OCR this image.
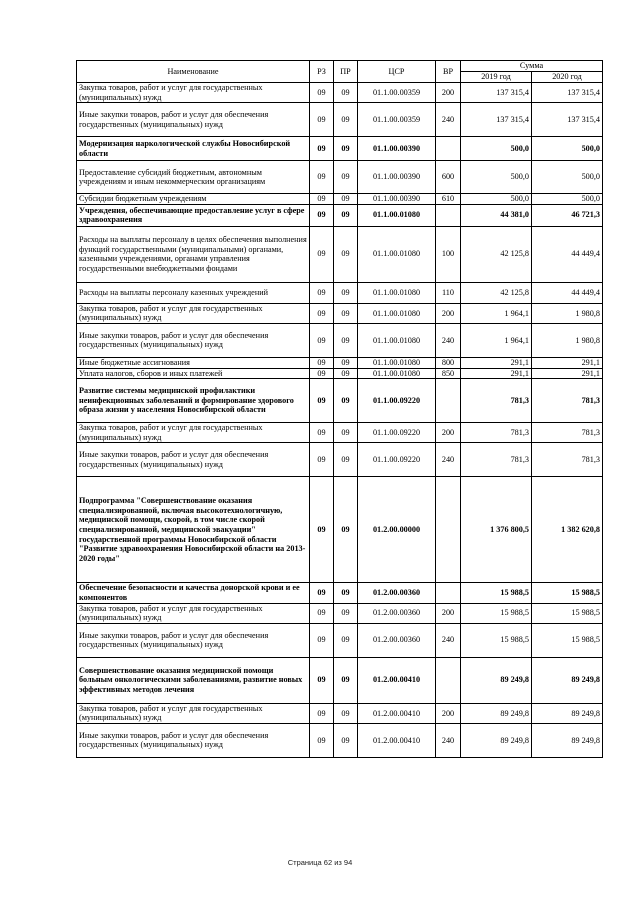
Наименование	РЗ	ПР	ЦСР	ВР	Сумма	
					2019 год	2020 год
Закупка товаров, работ и услуг для государственных (муниципальных) нужд	09	09	01.1.00.00359	200	137 315,4	137 315,4
Иные закупки товаров, работ и услуг для обеспечения государственных (муниципальных) нужд	09	09	01.1.00.00359	240	137 315,4	137 315,4
Модернизация наркологической службы Новосибирской области	09	09	01.1.00.00390		500,0	500,0
Предоставление субсидий бюджетным, автономным учреждениям и иным некоммерческим организациям	09	09	01.1.00.00390	600	500,0	500,0
Субсидии бюджетным учреждениям	09	09	01.1.00.00390	610	500,0	500,0
Учреждения, обеспечивающие предоставление услуг в сфере здравоохранения	09	09	01.1.00.01080		44 381,0	46 721,3
Расходы на выплаты персоналу в целях обеспечения выполнения функций государственными (муниципальными) органами, казенными учреждениями, органами управления государственными внебюджетными фондами	09	09	01.1.00.01080	100	42 125,8	44 449,4
Расходы на выплаты персоналу казенных учреждений	09	09	01.1.00.01080	110	42 125,8	44 449,4
Закупка товаров, работ и услуг для государственных (муниципальных) нужд	09	09	01.1.00.01080	200	1 964,1	1 980,8
Иные закупки товаров, работ и услуг для обеспечения государственных (муниципальных) нужд	09	09	01.1.00.01080	240	1 964,1	1 980,8
Иные бюджетные ассигнования	09	09	01.1.00.01080	800	291,1	291,1
Уплата налогов, сборов и иных платежей	09	09	01.1.00.01080	850	291,1	291,1
Развитие системы медицинской профилактики неинфекционных заболеваний и формирование здорового образа жизни у населения Новосибирской области	09	09	01.1.00.09220		781,3	781,3
Закупка товаров, работ и услуг для государственных (муниципальных) нужд	09	09	01.1.00.09220	200	781,3	781,3
Иные закупки товаров, работ и услуг для обеспечения государственных (муниципальных) нужд	09	09	01.1.00.09220	240	781,3	781,3
Подпрограмма "Совершенствование оказания специализированной, включая высокотехнологичную, медицинской помощи, скорой, в том числе скорой специализированной, медицинской эвакуации" государственной программы Новосибирской области "Развитие здравоохранения Новосибирской области на 2013-2020 годы"	09	09	01.2.00.00000		1 376 800,5	1 382 620,8
Обеспечение безопасности и качества донорской крови и ее компонентов	09	09	01.2.00.00360		15 988,5	15 988,5
Закупка товаров, работ и услуг для государственных (муниципальных) нужд	09	09	01.2.00.00360	200	15 988,5	15 988,5
Иные закупки товаров, работ и услуг для обеспечения государственных (муниципальных) нужд	09	09	01.2.00.00360	240	15 988,5	15 988,5
Совершенствование оказания медицинской помощи больным онкологическими заболеваниями, развитие новых эффективных методов лечения	09	09	01.2.00.00410		89 249,8	89 249,8
Закупка товаров, работ и услуг для государственных (муниципальных) нужд	09	09	01.2.00.00410	200	89 249,8	89 249,8
Иные закупки товаров, работ и услуг для обеспечения государственных (муниципальных) нужд	09	09	01.2.00.00410	240	89 249,8	89 249,8
Страница 62 из 94
